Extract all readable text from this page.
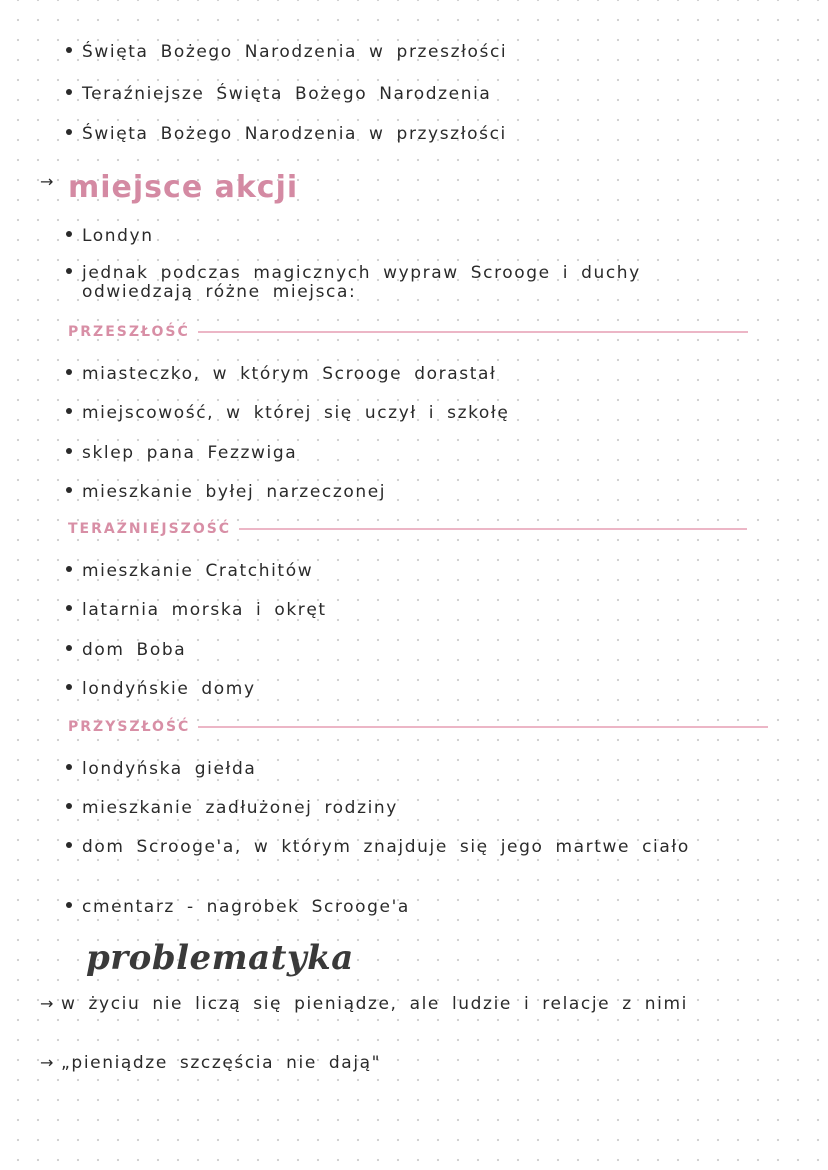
Święta Bożego Narodzenia w przeszłości
Teraźniejsze Święta Bożego Narodzenia
Święta Bożego Narodzenia w przyszłości
→ miejsce akcji
Londyn
jednak podczas magicznych wypraw Scrooge i duchy odwiedzają różne miejsca:
PRZESZŁOŚĆ
miasteczko, w którym Scrooge dorastał
miejscowość, w której się uczył i szkołę
sklep pana Fezzwiga
mieszkanie byłej narzeczonej
TERAŹNIEJSZOŚĆ
mieszkanie Cratchitów
latarnia morska i okręt
dom Boba
londyńskie domy
PRZYSZŁOŚĆ
londyńska giełda
mieszkanie zadłużonej rodziny
dom Scrooge'a, w którym znajduje się jego martwe ciało
cmentarz - nagrobek Scrooge'a
problematyka
→ w życiu nie liczą się pieniądze, ale ludzie i relacje z nimi
→ „pieniądze szczęścia nie dają"
